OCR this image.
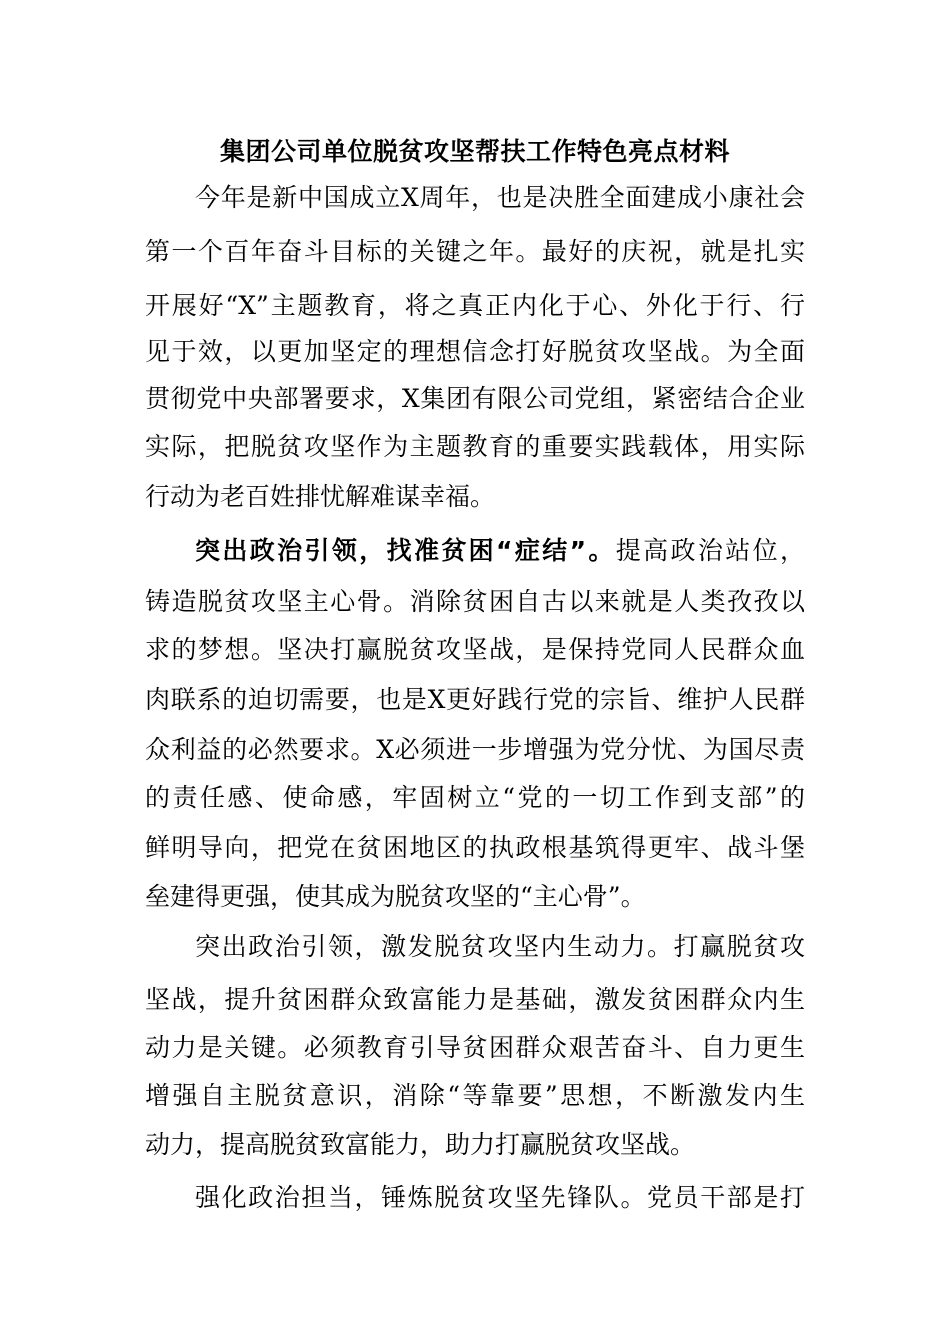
集团公司单位脱贫攻坚帮扶工作特色亮点材料
今年是新中国成立X周年，也是决胜全面建成小康社会
第一个百年奋斗目标的关键之年。最好的庆祝，就是扎实
开展好“X”主题教育，将之真正内化于心、外化于行、行
见于效，以更加坚定的理想信念打好脱贫攻坚战。为全面
贯彻党中央部署要求，X集团有限公司党组，紧密结合企业
实际，把脱贫攻坚作为主题教育的重要实践载体，用实际
行动为老百姓排忧解难谋幸福。
突出政治引领，找准贫困“症结”。提高政治站位，
铸造脱贫攻坚主心骨。消除贫困自古以来就是人类孜孜以
求的梦想。坚决打赢脱贫攻坚战，是保持党同人民群众血
肉联系的迫切需要，也是X更好践行党的宗旨、维护人民群
众利益的必然要求。X必须进一步增强为党分忧、为国尽责
的责任感、使命感，牢固树立“党的一切工作到支部”的
鲜明导向，把党在贫困地区的执政根基筑得更牢、战斗堡
垒建得更强，使其成为脱贫攻坚的“主心骨”。
突出政治引领，激发脱贫攻坚内生动力。打赢脱贫攻
坚战，提升贫困群众致富能力是基础，激发贫困群众内生
动力是关键。必须教育引导贫困群众艰苦奋斗、自力更生
增强自主脱贫意识，消除“等靠要”思想，不断激发内生
动力，提高脱贫致富能力，助力打赢脱贫攻坚战。
强化政治担当，锤炼脱贫攻坚先锋队。党员干部是打
